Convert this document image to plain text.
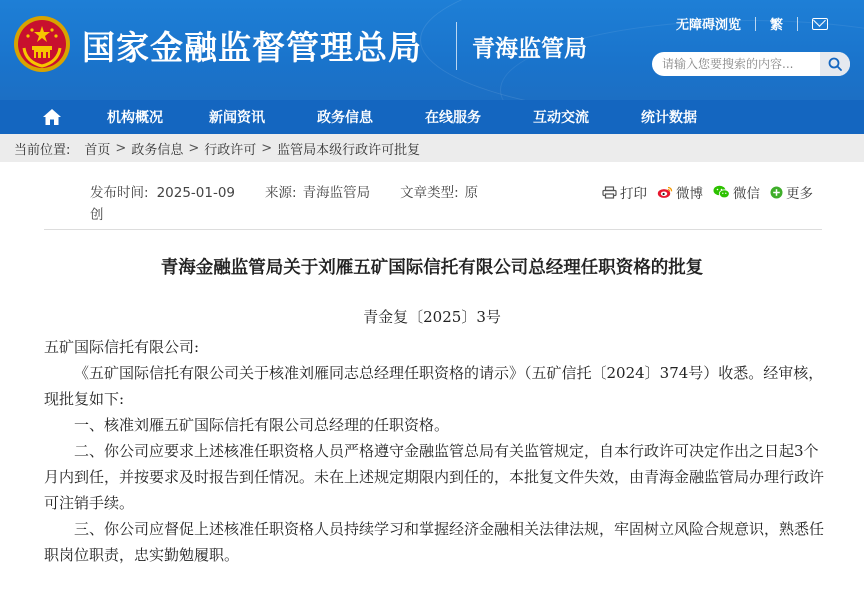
国家金融监督管理总局 青海监管局
无障碍浏览 繁
请输入您要搜索的内容...
机构概况	新闻资讯	政务信息	在线服务	互动交流	统计数据
当前位置: 首页 > 政务信息 > 行政许可 > 监管局本级行政许可批复
发布时间: 2025-01-09 来源: 青海监管局 文章类型: 原
创
打印 微博 微信 更多
青海金融监管局关于刘雁五矿国际信托有限公司总经理任职资格的批复
青金复〔2025〕3号

五矿国际信托有限公司:

《五矿国际信托有限公司关于核准刘雁同志总经理任职资格的请示》（五矿信托〔2024〕374号）收悉。经审核，现批复如下:

一、核准刘雁五矿国际信托有限公司总经理的任职资格。

二、你公司应要求上述核准任职资格人员严格遵守金融监管总局有关监管规定，自本行政许可决定作出之日起3个月内到任，并按要求及时报告到任情况。未在上述规定期限内到任的，本批复文件失效，由青海金融监管局办理行政许可注销手续。

三、你公司应督促上述核准任职资格人员持续学习和掌握经济金融相关法律法规，牢固树立风险合规意识，熟悉任职岗位职责，忠实勤勉履职。
